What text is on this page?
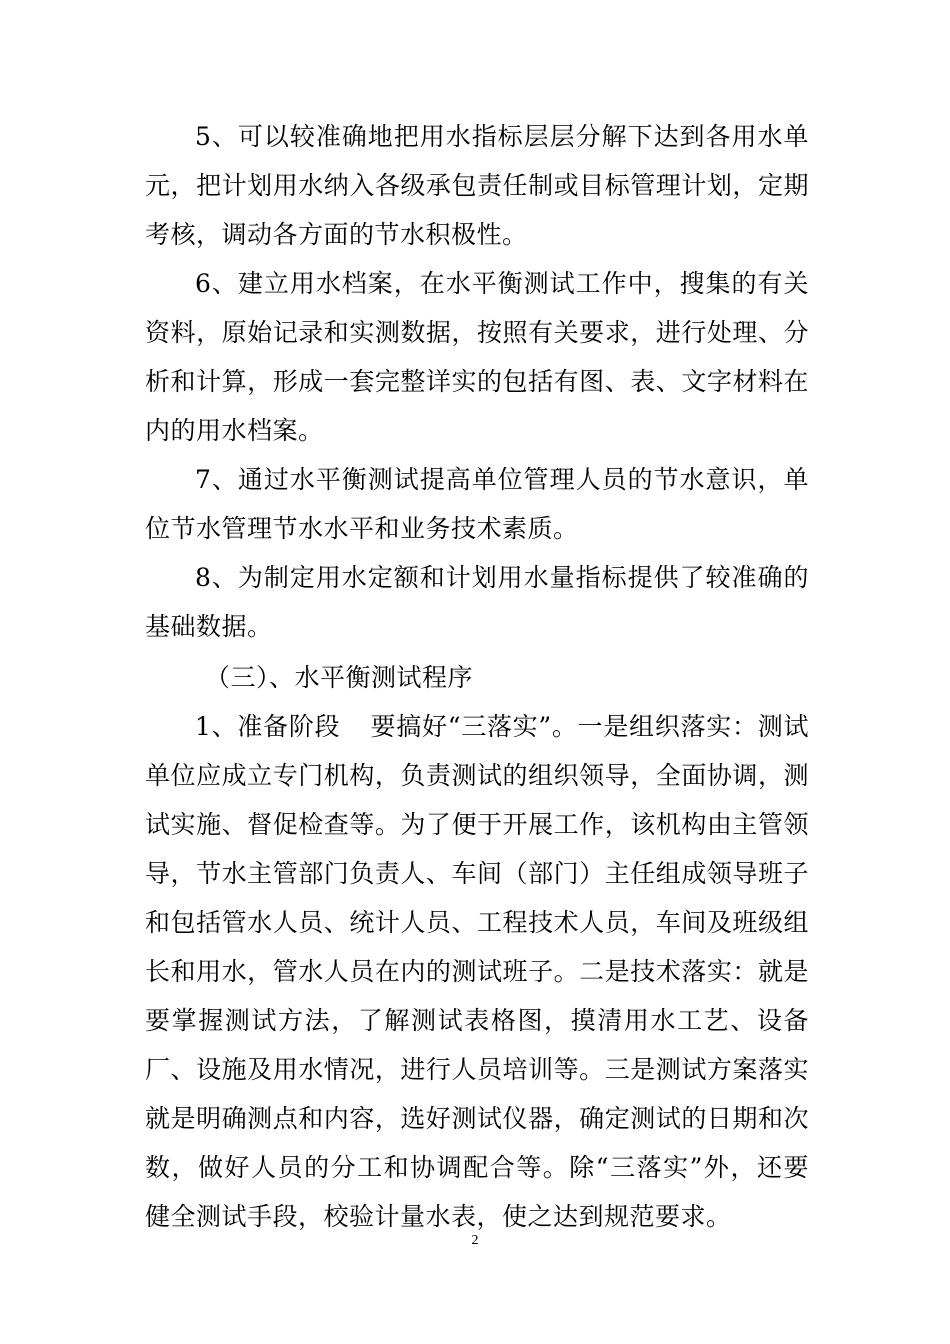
5、可以较准确地把用水指标层层分解下达到各用水单元，把计划用水纳入各级承包责任制或目标管理计划，定期考核，调动各方面的节水积极性。

6、建立用水档案，在水平衡测试工作中，搜集的有关资料，原始记录和实测数据，按照有关要求，进行处理、分析和计算，形成一套完整详实的包括有图、表、文字材料在内的用水档案。

7、通过水平衡测试提高单位管理人员的节水意识，单位节水管理节水水平和业务技术素质。

8、为制定用水定额和计划用水量指标提供了较准确的基础数据。

（三）、水平衡测试程序

1、准备阶段 要搞好“三落实”。一是组织落实：测试单位应成立专门机构，负责测试的组织领导，全面协调，测试实施、督促检查等。为了便于开展工作，该机构由主管领导，节水主管部门负责人、车间（部门）主任组成领导班子和包括管水人员、统计人员、工程技术人员，车间及班级组长和用水，管水人员在内的测试班子。二是技术落实：就是要掌握测试方法，了解测试表格图，摸清用水工艺、设备厂、设施及用水情况，进行人员培训等。三是测试方案落实就是明确测点和内容，选好测试仪器，确定测试的日期和次数，做好人员的分工和协调配合等。除“三落实”外，还要健全测试手段，校验计量水表，使之达到规范要求。

2
